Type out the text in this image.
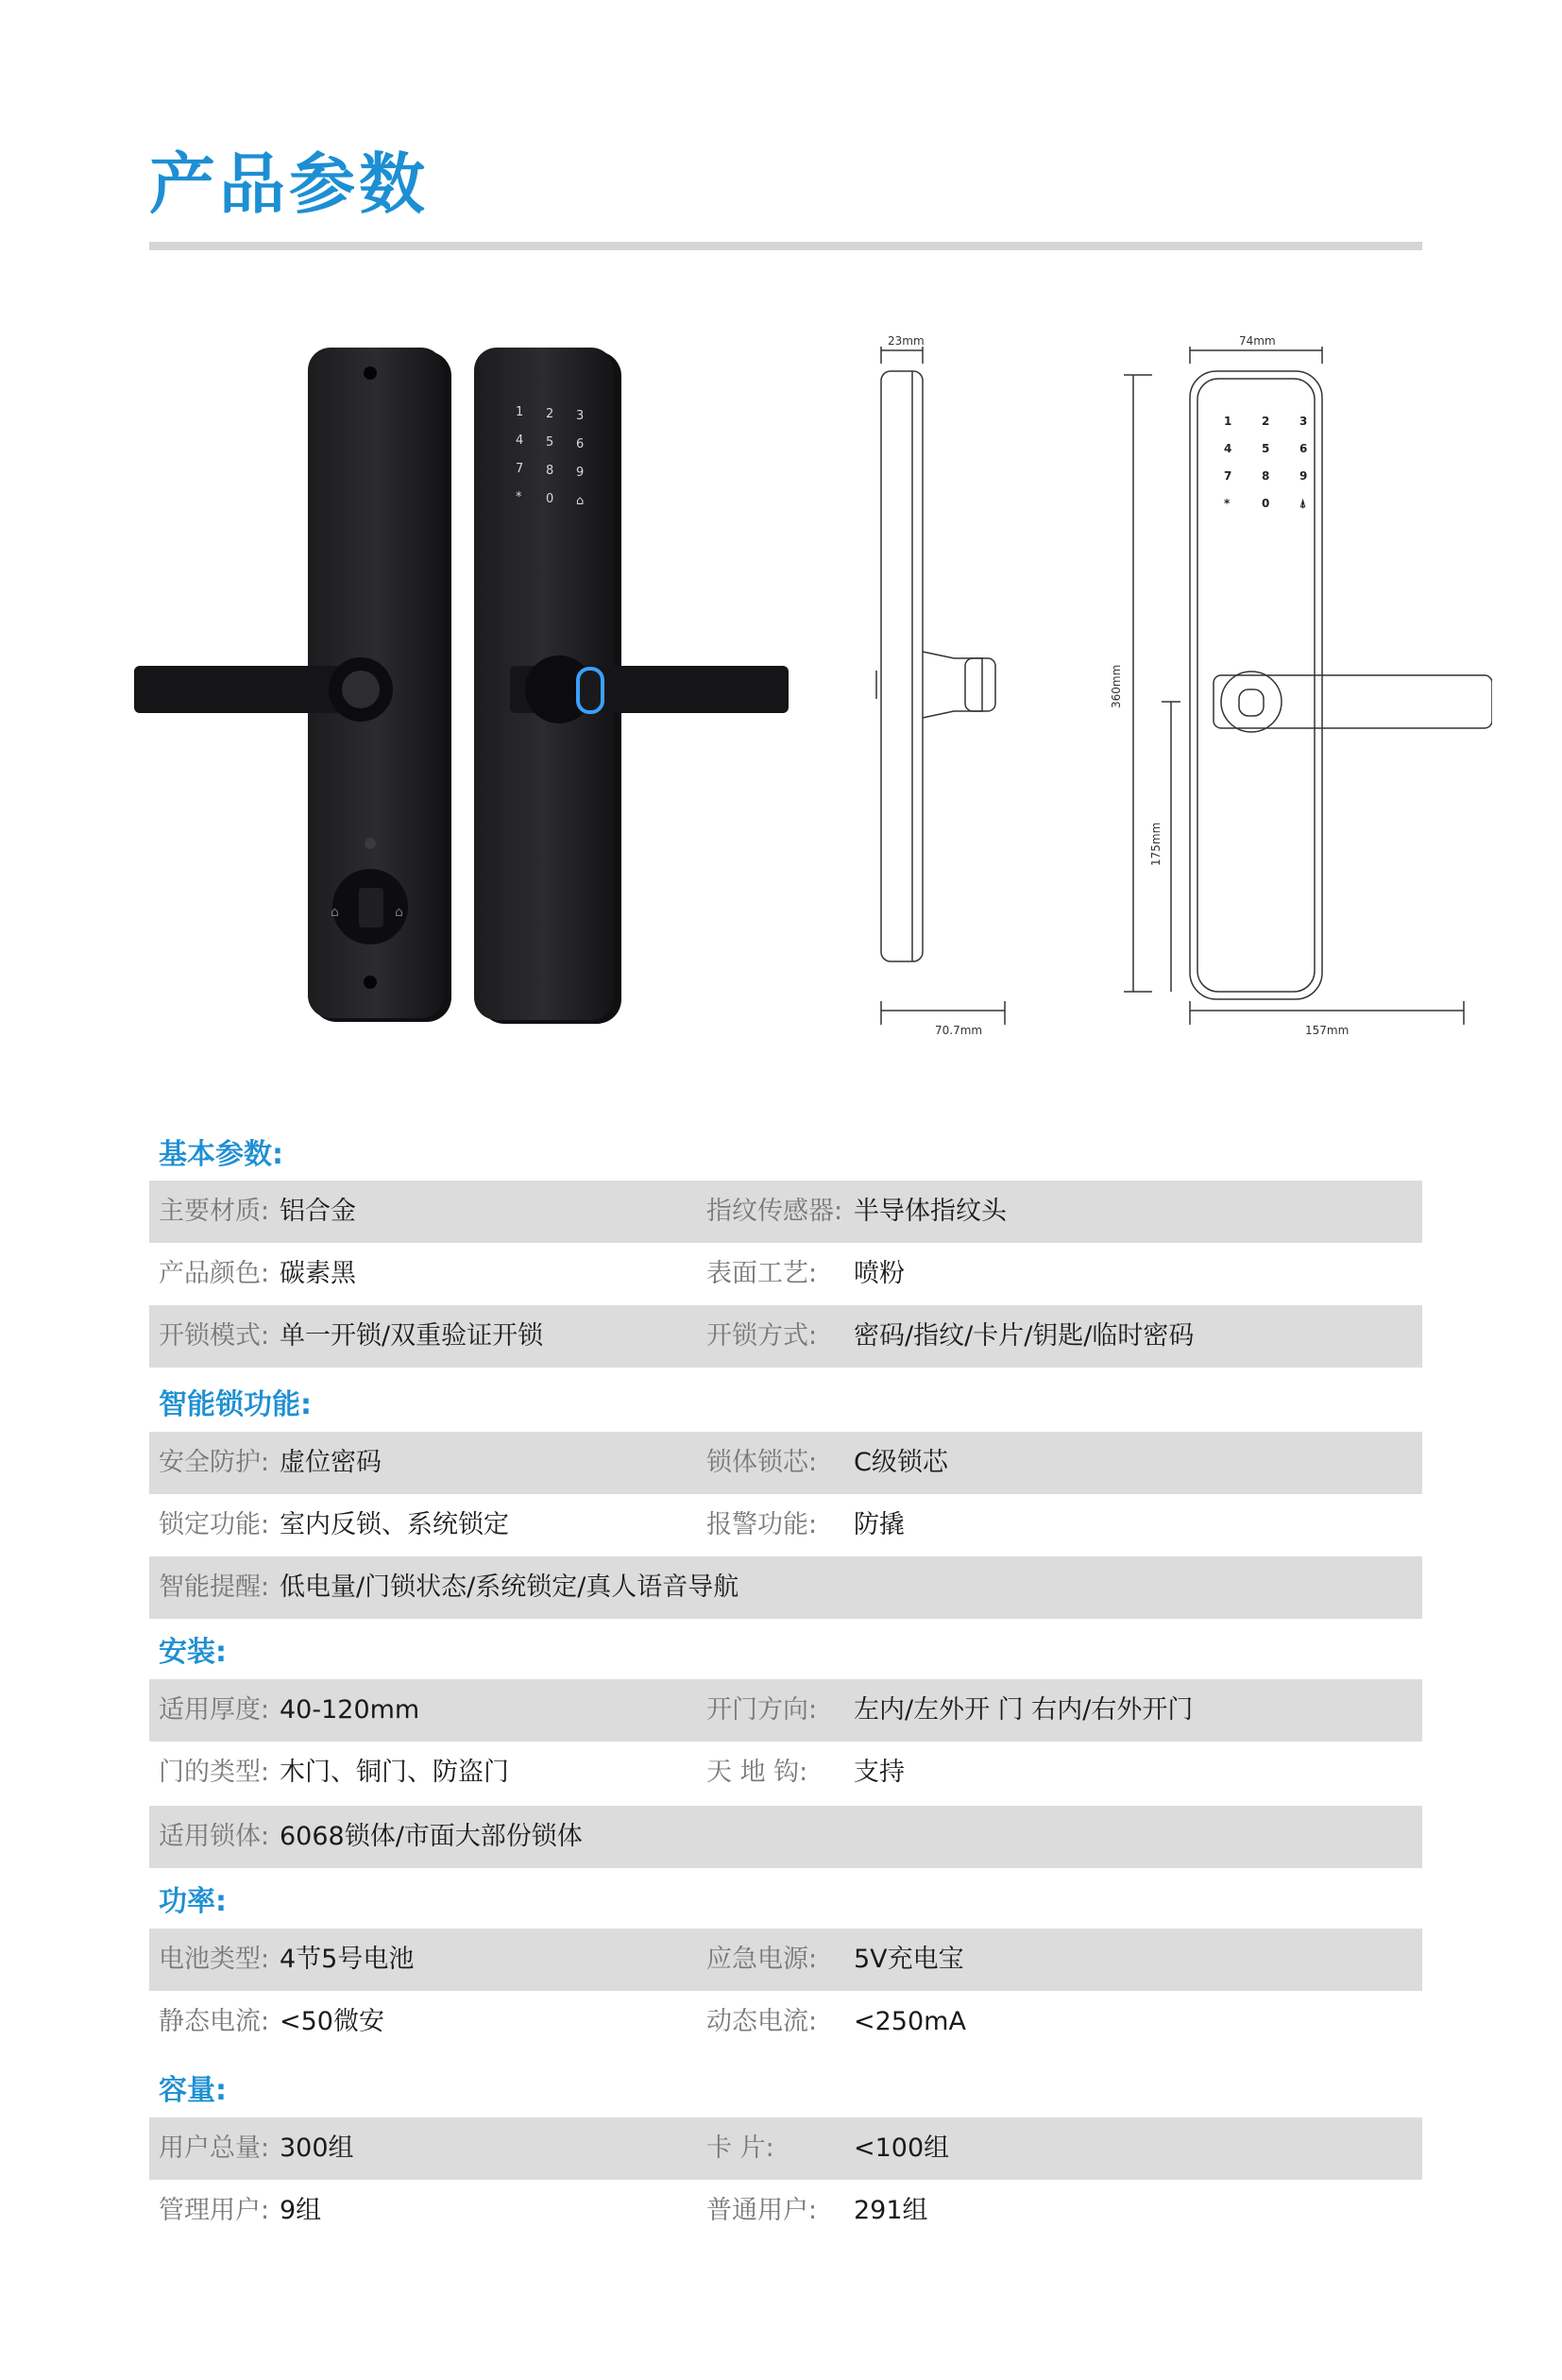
产品参数
⌂	⌂
1 2 3
4 5 6
7 8 9
* 0 ⌂
23mm	74mm
70.7mm	157mm
360mm
175mm
1	2	3
4	5	6
7	8	9
*	0	⍋
基本参数:
主要材质: 铝合金	指纹传感器: 半导体指纹头
产品颜色: 碳素黑	表面工艺: 喷粉
开锁模式: 单一开锁/双重验证开锁	开锁方式: 密码/指纹/卡片/钥匙/临时密码
智能锁功能:
安全防护: 虚位密码	锁体锁芯: C级锁芯
锁定功能: 室内反锁、系统锁定	报警功能: 防撬
智能提醒: 低电量/门锁状态/系统锁定/真人语音导航
安装:
适用厚度: 40-120mm	开门方向: 左内/左外开 门 右内/右外开门
门的类型: 木门、铜门、防盗门	天 地 钩: 支持
适用锁体: 6068锁体/市面大部份锁体
功率:
电池类型: 4节5号电池	应急电源: 5V充电宝
静态电流: <50微安	动态电流: <250mA
容量:
用户总量: 300组	卡 片:	<100组
管理用户: 9组	普通用户: 291组
